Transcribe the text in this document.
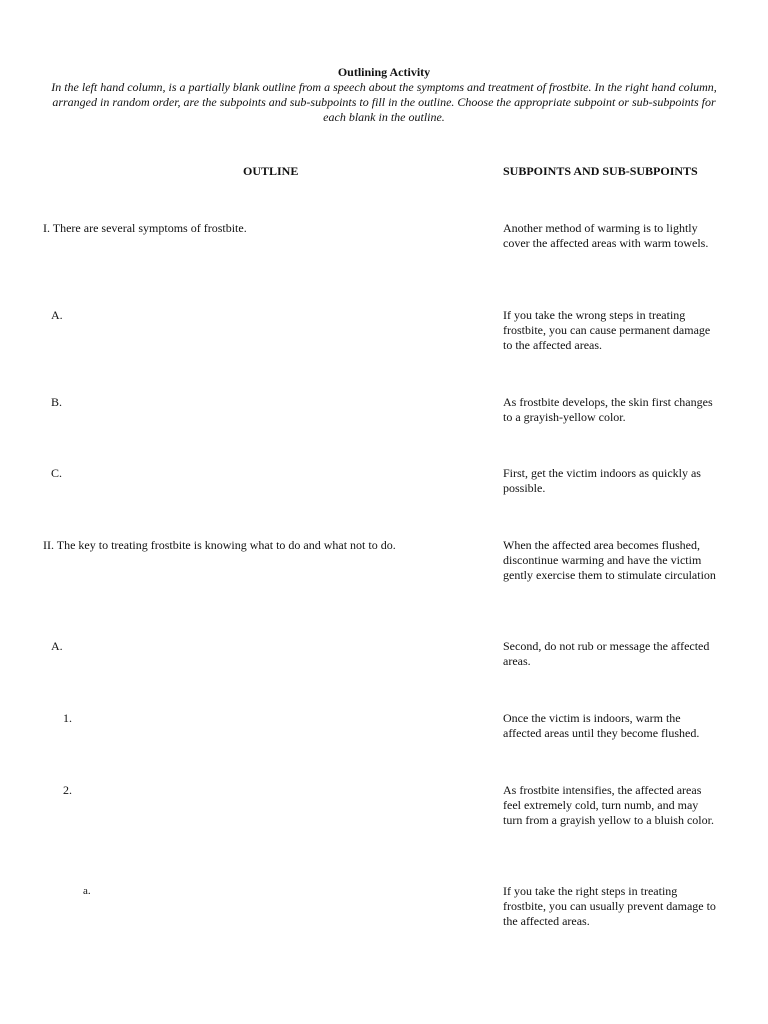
Outlining Activity
In the left hand column, is a partially blank outline from a speech about the symptoms and treatment of frostbite. In the right hand column, arranged in random order, are the subpoints and sub-subpoints to fill in the outline. Choose the appropriate subpoint or sub-subpoints for each blank in the outline.
OUTLINE	SUBPOINTS AND SUB-SUBPOINTS
I. There are several symptoms of frostbite.
A.
B.
C.
II. The key to treating frostbite is knowing what to do and what not to do.
A.
1.
2.
a.
Another method of warming is to lightly cover the affected areas with warm towels.
If you take the wrong steps in treating frostbite, you can cause permanent damage to the affected areas.
As frostbite develops, the skin first changes to a grayish-yellow color.
First, get the victim indoors as quickly as possible.
When the affected area becomes flushed, discontinue warming and have the victim gently exercise them to stimulate circulation
Second, do not rub or message the affected areas.
Once the victim is indoors, warm the affected areas until they become flushed.
As frostbite intensifies, the affected areas feel extremely cold, turn numb, and may turn from a grayish yellow to a bluish color.
If you take the right steps in treating frostbite, you can usually prevent damage to the affected areas.
